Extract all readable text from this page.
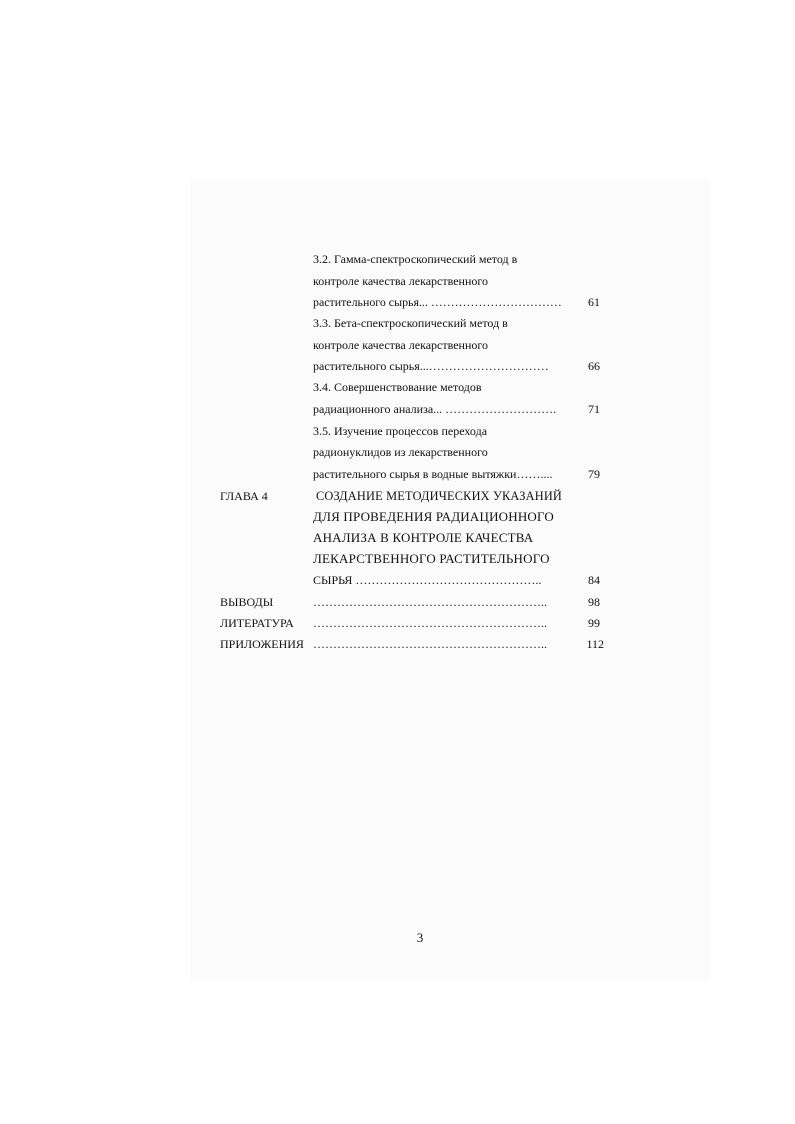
3.2. Гамма-спектроскопический метод в
контроле качества лекарственного
растительного сырья... ……………………………	61
3.3. Бета-спектроскопический метод в
контроле качества лекарственного
растительного сырья...…………………………	66
3.4. Совершенствование методов
радиационного анализа... ……………………….	71
3.5. Изучение процессов перехода
радионуклидов из лекарственного
растительного сырья в водные вытяжки……....	79
ГЛАВА 4	СОЗДАНИЕ МЕТОДИЧЕСКИХ УКАЗАНИЙ
ДЛЯ ПРОВЕДЕНИЯ РАДИАЦИОННОГО
АНАЛИЗА В КОНТРОЛЕ КАЧЕСТВА
ЛЕКАРСТВЕННОГО РАСТИТЕЛЬНОГО
СЫРЬЯ ………………………………………..	84
ВЫВОДЫ	…………………………………………………..	98
ЛИТЕРАТУРА …………………………………………………..	99
ПРИЛОЖЕНИЯ …………………………………………………..	112
3
